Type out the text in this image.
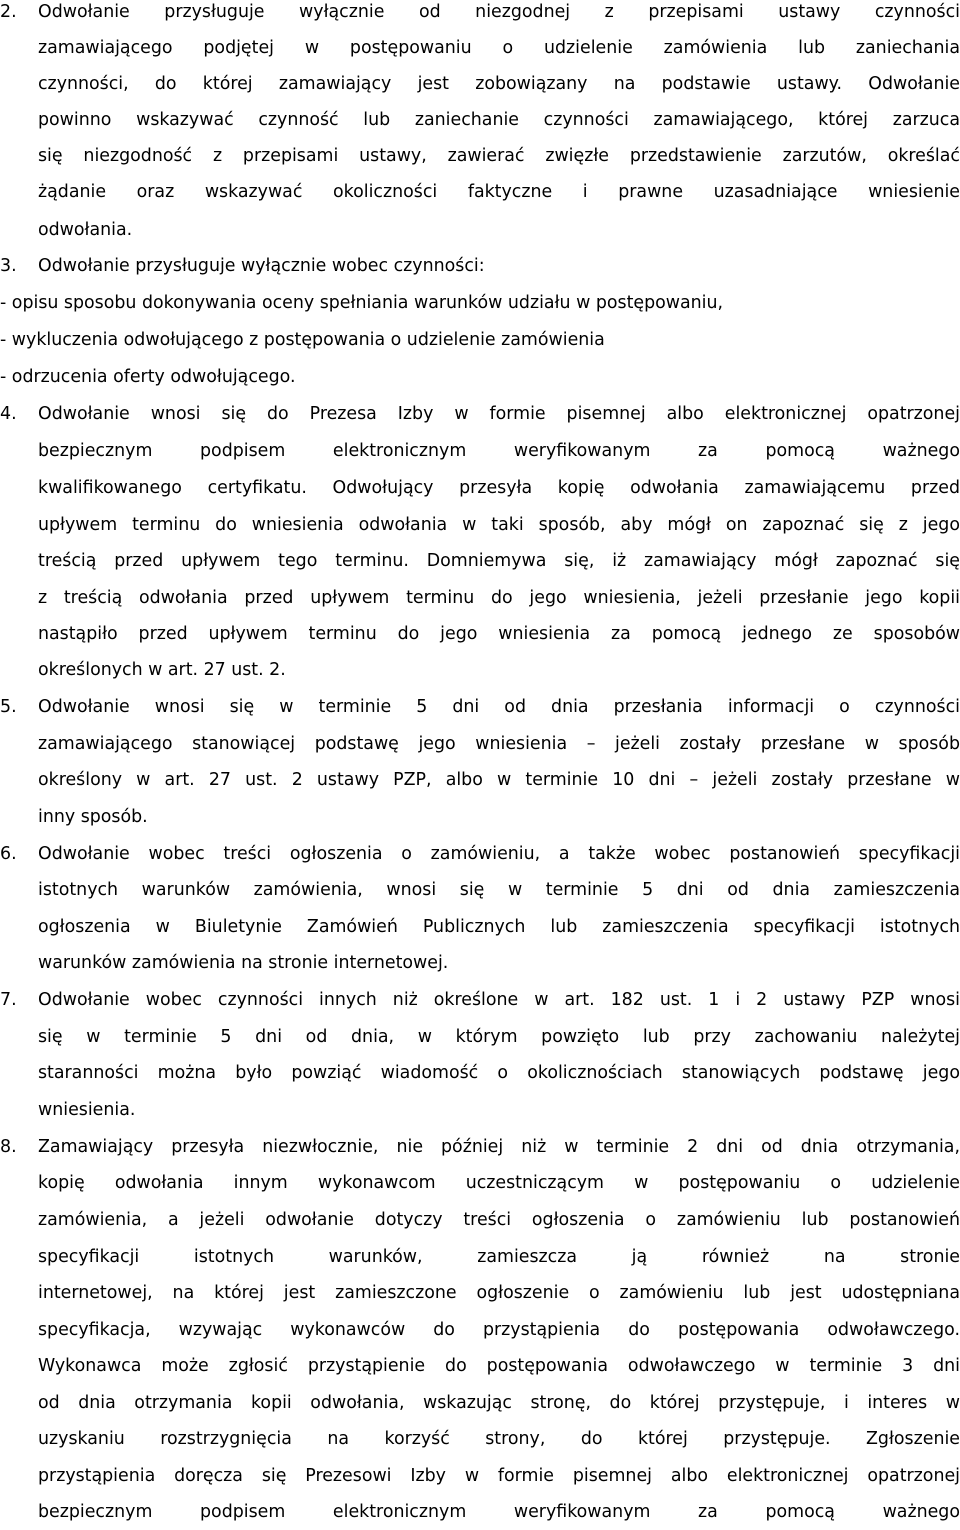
2. Odwołanie przysługuje wyłącznie od niezgodnej z przepisami ustawy czynności
zamawiającego podjętej w postępowaniu o udzielenie zamówienia lub zaniechania
czynności, do której zamawiający jest zobowiązany na podstawie ustawy. Odwołanie
powinno wskazywać czynność lub zaniechanie czynności zamawiającego, której zarzuca
się niezgodność z przepisami ustawy, zawierać zwięzłe przedstawienie zarzutów, określać
żądanie oraz wskazywać okoliczności faktyczne i prawne uzasadniające wniesienie
odwołania.
3. Odwołanie przysługuje wyłącznie wobec czynności:
- opisu sposobu dokonywania oceny spełniania warunków udziału w postępowaniu,
- wykluczenia odwołującego z postępowania o udzielenie zamówienia
- odrzucenia oferty odwołującego.
4. Odwołanie wnosi się do Prezesa Izby w formie pisemnej albo elektronicznej opatrzonej
bezpiecznym podpisem elektronicznym weryfikowanym za pomocą ważnego
kwalifikowanego certyfikatu. Odwołujący przesyła kopię odwołania zamawiającemu przed
upływem terminu do wniesienia odwołania w taki sposób, aby mógł on zapoznać się z jego
treścią przed upływem tego terminu. Domniemywa się, iż zamawiający mógł zapoznać się
z treścią odwołania przed upływem terminu do jego wniesienia, jeżeli przesłanie jego kopii
nastąpiło przed upływem terminu do jego wniesienia za pomocą jednego ze sposobów
określonych w art. 27 ust. 2.
5. Odwołanie wnosi się w terminie 5 dni od dnia przesłania informacji o czynności
zamawiającego stanowiącej podstawę jego wniesienia – jeżeli zostały przesłane w sposób
określony w art. 27 ust. 2 ustawy PZP, albo w terminie 10 dni – jeżeli zostały przesłane w
inny sposób.
6. Odwołanie wobec treści ogłoszenia o zamówieniu, a także wobec postanowień specyfikacji
istotnych warunków zamówienia, wnosi się w terminie 5 dni od dnia zamieszczenia
ogłoszenia w Biuletynie Zamówień Publicznych lub zamieszczenia specyfikacji istotnych
warunków zamówienia na stronie internetowej.
7. Odwołanie wobec czynności innych niż określone w art. 182 ust. 1 i 2 ustawy PZP wnosi
się w terminie 5 dni od dnia, w którym powzięto lub przy zachowaniu należytej
staranności można było powziąć wiadomość o okolicznościach stanowiących podstawę jego
wniesienia.
8. Zamawiający przesyła niezwłocznie, nie później niż w terminie 2 dni od dnia otrzymania,
kopię odwołania innym wykonawcom uczestniczącym w postępowaniu o udzielenie
zamówienia, a jeżeli odwołanie dotyczy treści ogłoszenia o zamówieniu lub postanowień
specyfikacji istotnych warunków, zamieszcza ją również na stronie
internetowej, na której jest zamieszczone ogłoszenie o zamówieniu lub jest udostępniana
specyfikacja, wzywając wykonawców do przystąpienia do postępowania odwoławczego.
Wykonawca może zgłosić przystąpienie do postępowania odwoławczego w terminie 3 dni
od dnia otrzymania kopii odwołania, wskazując stronę, do której przystępuje, i interes w
uzyskaniu rozstrzygnięcia na korzyść strony, do której przystępuje. Zgłoszenie
przystąpienia doręcza się Prezesowi Izby w formie pisemnej albo elektronicznej opatrzonej
bezpiecznym podpisem elektronicznym weryfikowanym za pomocą ważnego
